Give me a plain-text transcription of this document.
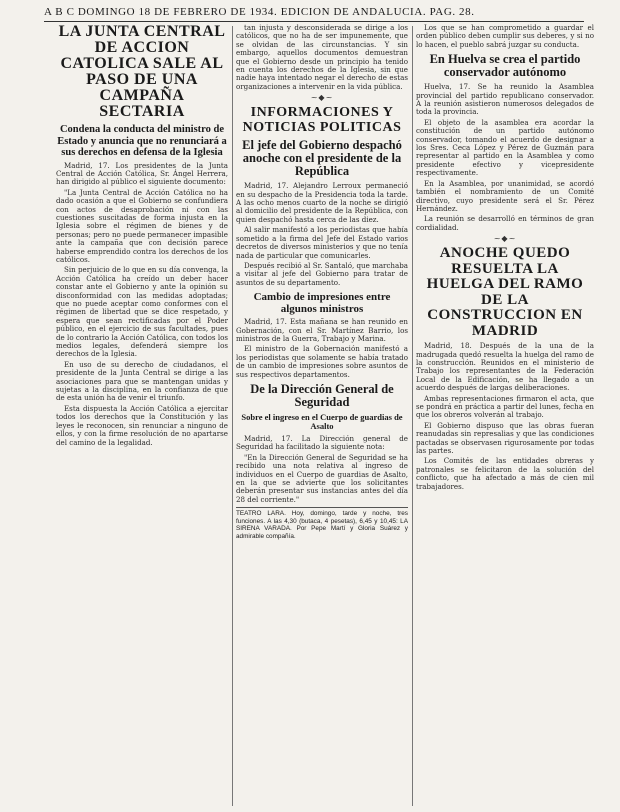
A B C DOMINGO 18 DE FEBRERO DE 1934. EDICION DE ANDALUCIA. PAG. 28.
LA JUNTA CENTRAL DE ACCION CATOLICA SALE AL PASO DE UNA CAMPAÑA SECTARIA
Condena la conducta del ministro de Estado y anuncia que no renunciará a sus derechos en defensa de la Iglesia

Madrid, 17. Los presidentes de la Junta Central de Acción Católica, Sr. Ángel Herrera, han dirigido al público el siguiente documento:

"La Junta Central de Acción Católica no ha dado ocasión a que el Gobierno se confundiera con actos de desaprobación ni con las cuestiones suscitadas de forma injusta en la Iglesia sobre el régimen de bienes y de personas; pero no puede permanecer impasible ante la campaña que con decisión parece haberse emprendido contra los derechos de los católicos.

Sin perjuicio de lo que en su día convenga, la Acción Católica ha creído un deber hacer constar ante el Gobierno y ante la opinión su disconformidad con las medidas adoptadas; que no puede aceptar como conformes con el régimen de libertad que se dice respetado, y espera que sean rectificadas por el Poder público, en el ejercicio de sus facultades, pues de lo contrario la Acción Católica, con todos los medios legales, defenderá siempre los derechos de la Iglesia.

En uso de su derecho de ciudadanos, el presidente de la Junta Central se dirige a las asociaciones para que se mantengan unidas y sujetas a la disciplina, en la confianza de que de esta unión ha de venir el triunfo.

Esta dispuesta la Acción Católica a ejercitar todos los derechos que la Constitución y las leyes le reconocen, sin renunciar a ninguno de ellos, y con la firme resolución de no apartarse del camino de la legalidad.

tan injusta y desconsiderada se dirige a los católicos, que no ha de ser impunemente, que se olvidan de las circunstancias. Y sin embargo, aquellos documentos demuestran que el Gobierno desde un principio ha tenido en cuenta los derechos de la Iglesia, sin que nadie haya intentado negar el derecho de estas organizaciones a intervenir en la vida pública.

~◆~
INFORMACIONES Y NOTICIAS POLITICAS
El jefe del Gobierno despachó anoche con el presidente de la República

Madrid, 17. Alejandro Lerroux permaneció en su despacho de la Presidencia toda la tarde. A las ocho menos cuarto de la noche se dirigió al domicilio del presidente de la República, con quien despachó hasta cerca de las diez.

Al salir manifestó a los periodistas que había sometido a la firma del Jefe del Estado varios decretos de diversos ministerios y que no tenía nada de particular que comunicarles.

Después recibió al Sr. Santaló, que marchaba a visitar al jefe del Gobierno para tratar de asuntos de su departamento.

Cambio de impresiones entre algunos ministros

Madrid, 17. Esta mañana se han reunido en Gobernación, con el Sr. Martínez Barrio, los ministros de la Guerra, Trabajo y Marina.

El ministro de la Gobernación manifestó a los periodistas que solamente se había tratado de un cambio de impresiones sobre asuntos de sus respectivos departamentos.

De la Dirección General de Seguridad
Sobre el ingreso en el Cuerpo de guardias de Asalto

Madrid, 17. La Dirección general de Seguridad ha facilitado la siguiente nota:

"En la Dirección General de Seguridad se ha recibido una nota relativa al ingreso de individuos en el Cuerpo de guardias de Asalto, en la que se advierte que los solicitantes deberán presentar sus instancias antes del día 28 del corriente."

TEATRO LARA. Hoy, domingo, tarde y noche, tres funciones. A las 4,30 (butaca, 4 pesetas), 6,45 y 10,45: LA SIRENA VARADA. Por Pepe Martí y Gloria Suárez y admirable compañía.

Los que se han comprometido a guardar el orden público deben cumplir sus deberes, y si no lo hacen, el pueblo sabrá juzgar su conducta.

En Huelva se crea el partido conservador autónomo

Huelva, 17. Se ha reunido la Asamblea provincial del partido republicano conservador. A la reunión asistieron numerosos delegados de toda la provincia.

El objeto de la asamblea era acordar la constitución de un partido autónomo conservador, tomando el acuerdo de designar a los Sres. Ceca López y Pérez de Guzmán para representar al partido en la Asamblea y como presidente efectivo y vicepresidente respectivamente.

En la Asamblea, por unanimidad, se acordó también el nombramiento de un Comité directivo, cuyo presidente será el Sr. Pérez Hernández.

La reunión se desarrolló en términos de gran cordialidad.

~◆~
ANOCHE QUEDO RESUELTA LA HUELGA DEL RAMO DE LA CONSTRUCCION EN MADRID

Madrid, 18. Después de la una de la madrugada quedó resuelta la huelga del ramo de la construcción. Reunidos en el ministerio de Trabajo los representantes de la Federación Local de la Edificación, se ha llegado a un acuerdo después de largas deliberaciones.

Ambas representaciones firmaron el acta, que se pondrá en práctica a partir del lunes, fecha en que los obreros volverán al trabajo.

El Gobierno dispuso que las obras fueran reanudadas sin represalias y que las condiciones pactadas se observasen rigurosamente por todas las partes.

Los Comités de las entidades obreras y patronales se felicitaron de la solución del conflicto, que ha afectado a más de cien mil trabajadores.
